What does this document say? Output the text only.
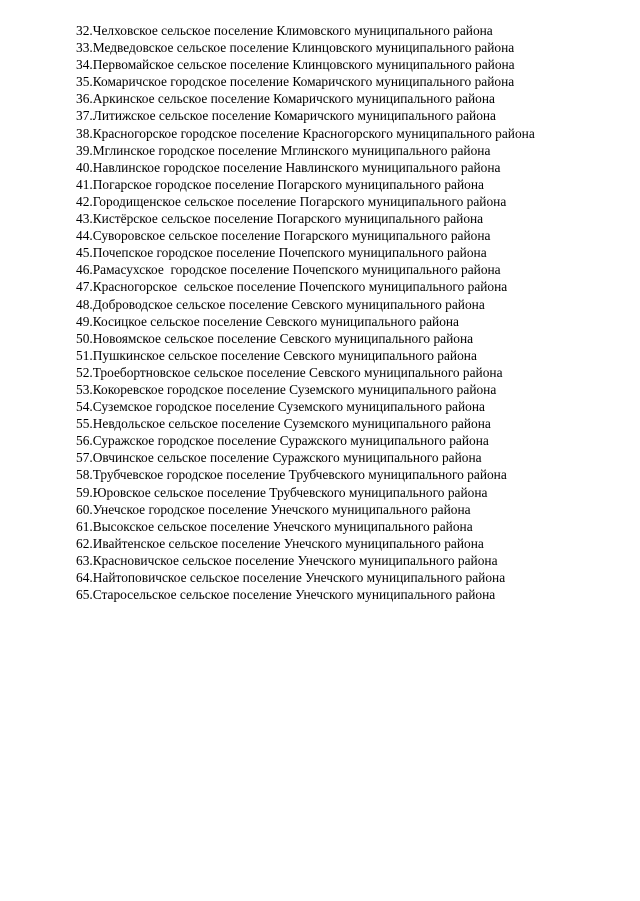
32.Челховское сельское поселение Климовского муниципального района
33.Медведовское сельское поселение Клинцовского муниципального района
34.Первомайское сельское поселение Клинцовского муниципального района
35.Комаричское городское поселение Комаричского муниципального района
36.Аркинское сельское поселение Комаричского муниципального района
37.Литижское сельское поселение Комаричского муниципального района
38.Красногорское городское поселение Красногорского муниципального района
39.Мглинское городское поселение Мглинского муниципального района
40.Навлинское городское поселение Навлинского муниципального района
41.Погарское городское поселение Погарского муниципального района
42.Городищенское сельское поселение Погарского муниципального района
43.Кистёрское сельское поселение Погарского муниципального района
44.Суворовское сельское поселение Погарского муниципального района
45.Почепское городское поселение Почепского муниципального района
46.Рамасухское  городское поселение Почепского муниципального района
47.Красногорское  сельское поселение Почепского муниципального района
48.Доброводское сельское поселение Севского муниципального района
49.Косицкое сельское поселение Севского муниципального района
50.Новоямское сельское поселение Севского муниципального района
51.Пушкинское сельское поселение Севского муниципального района
52.Троебортновское сельское поселение Севского муниципального района
53.Кокоревское городское поселение Суземского муниципального района
54.Суземское городское поселение Суземского муниципального района
55.Невдольское сельское поселение Суземского муниципального района
56.Суражское городское поселение Суражского муниципального района
57.Овчинское сельское поселение Суражского муниципального района
58.Трубчевское городское поселение Трубчевского муниципального района
59.Юровское сельское поселение Трубчевского муниципального района
60.Унечское городское поселение Унечского муниципального района
61.Высокское сельское поселение Унечского муниципального района
62.Ивайтенское сельское поселение Унечского муниципального района
63.Красновичское сельское поселение Унечского муниципального района
64.Найтоповичское сельское поселение Унечского муниципального района
65.Старосельское сельское поселение Унечского муниципального района
